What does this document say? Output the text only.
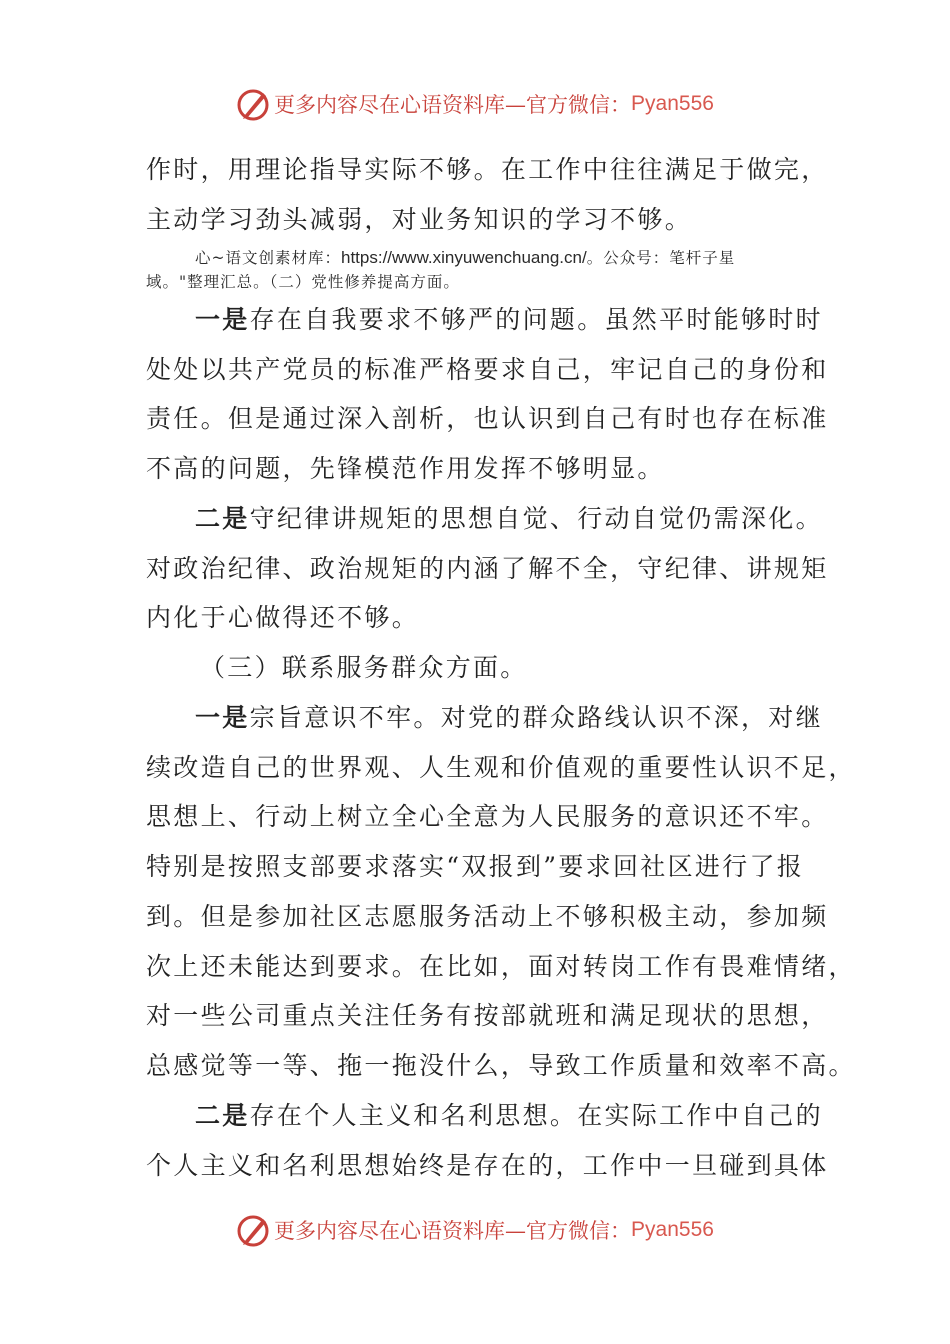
更多内容尽在心语资料库—官方微信： Pyan556
作时，用理论指导实际不够。在工作中往往满足于做完，
主动学习劲头减弱，对业务知识的学习不够。
心~语文创素材库：https://www.xinyuwenchuang.cn/。公众号：笔杆子星
域。"整理汇总。（二）党性修养提高方面。
一是存在自我要求不够严的问题。虽然平时能够时时
处处以共产党员的标准严格要求自己，牢记自己的身份和
责任。但是通过深入剖析，也认识到自己有时也存在标准
不高的问题，先锋模范作用发挥不够明显。
二是守纪律讲规矩的思想自觉、行动自觉仍需深化。
对政治纪律、政治规矩的内涵了解不全，守纪律、讲规矩
内化于心做得还不够。
（三）联系服务群众方面。
一是宗旨意识不牢。对党的群众路线认识不深，对继
续改造自己的世界观、人生观和价值观的重要性认识不足，
思想上、行动上树立全心全意为人民服务的意识还不牢。
特别是按照支部要求落实“双报到”要求回社区进行了报
到。但是参加社区志愿服务活动上不够积极主动，参加频
次上还未能达到要求。在比如，面对转岗工作有畏难情绪，
对一些公司重点关注任务有按部就班和满足现状的思想，
总感觉等一等、拖一拖没什么，导致工作质量和效率不高。
二是存在个人主义和名利思想。在实际工作中自己的
个人主义和名利思想始终是存在的，工作中一旦碰到具体
更多内容尽在心语资料库—官方微信： Pyan556
